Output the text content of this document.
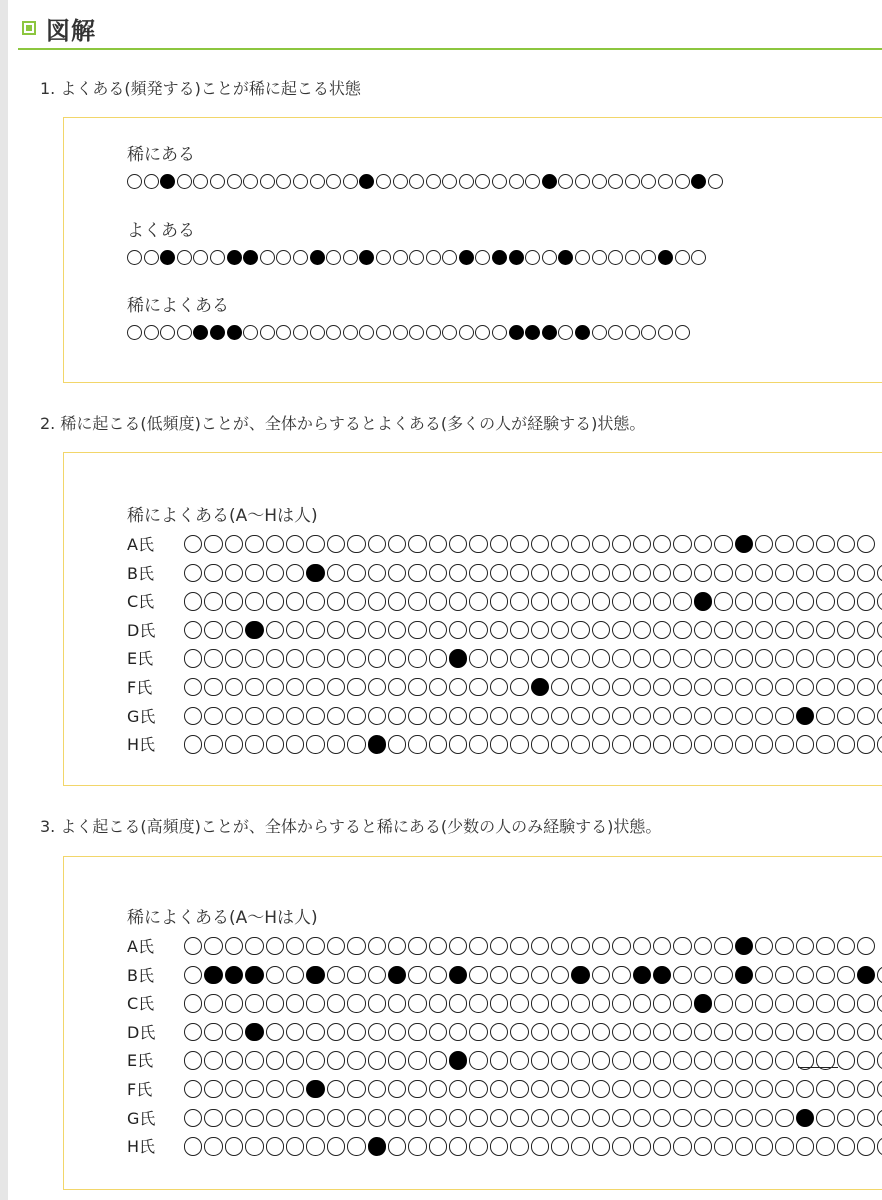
図解
1. よくある(頻発する)ことが稀に起こる状態
稀にある
よくある
稀によくある
2. 稀に起こる(低頻度)ことが、全体からするとよくある(多くの人が経験する)状態。
稀によくある(A〜Hは人)
A氏
B氏
C氏
D氏
E氏
F氏
G氏
H氏
3. よく起こる(高頻度)ことが、全体からすると稀にある(少数の人のみ経験する)状態。
稀によくある(A〜Hは人)
A氏
B氏
C氏
D氏
E氏
F氏
G氏
H氏
